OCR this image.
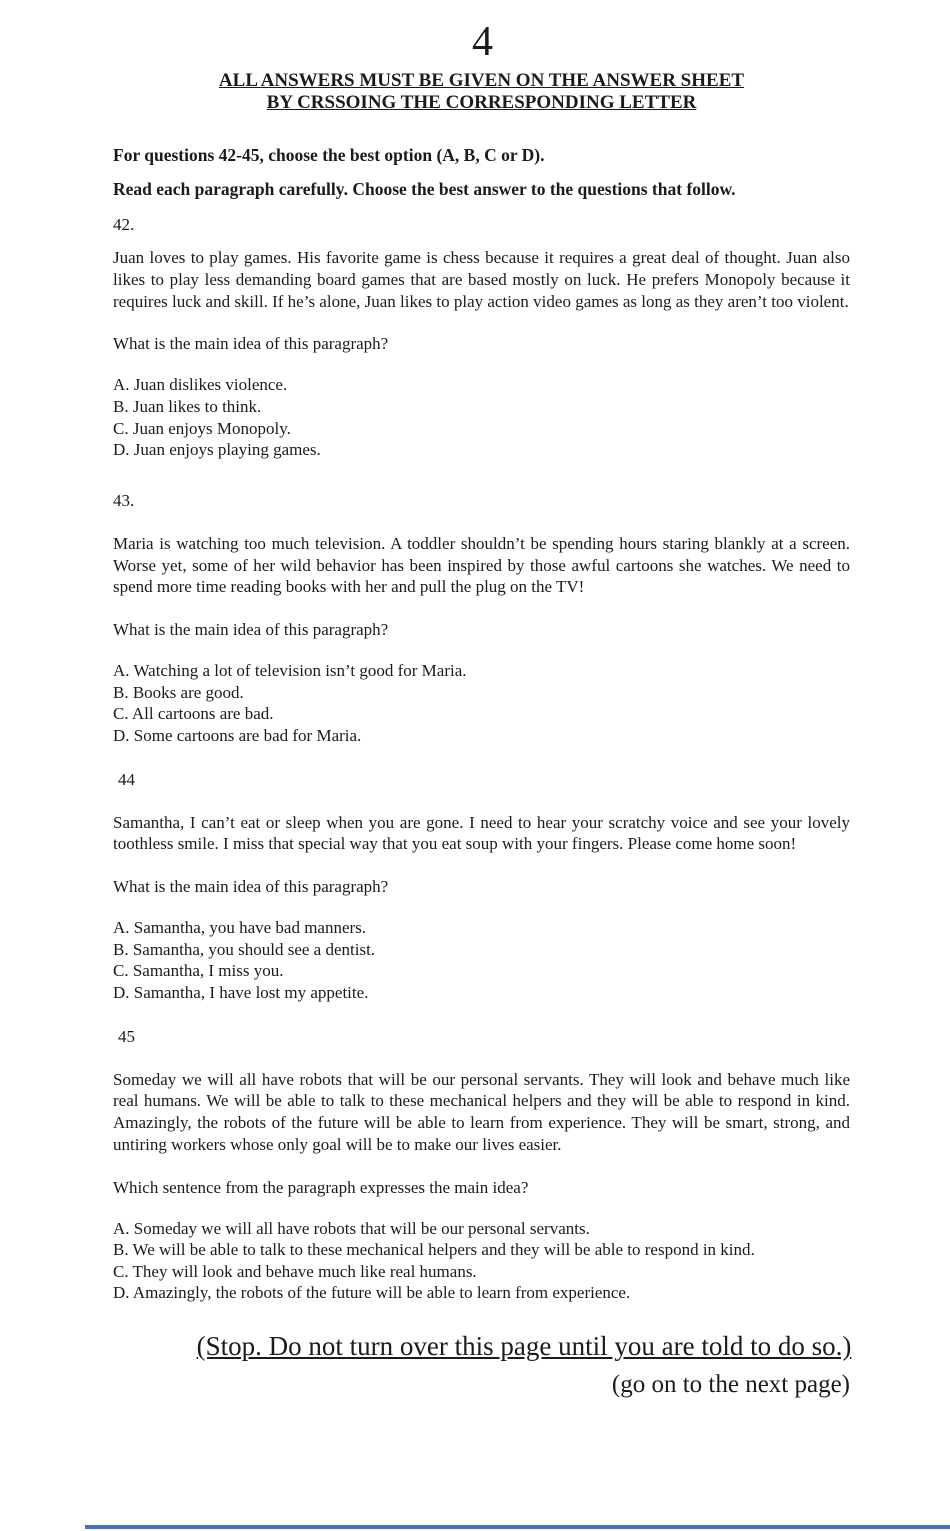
4
ALL ANSWERS MUST BE GIVEN ON THE ANSWER SHEET
BY CRSSOING THE CORRESPONDING LETTER
For questions 42-45, choose the best option (A, B, C or D).
Read each paragraph carefully. Choose the best answer to the questions that follow.
42.
Juan loves to play games. His favorite game is chess because it requires a great deal of thought. Juan also likes to play less demanding board games that are based mostly on luck. He prefers Monopoly because it requires luck and skill. If he’s alone, Juan likes to play action video games as long as they aren’t too violent.
What is the main idea of this paragraph?
A. Juan dislikes violence.
B. Juan likes to think.
C. Juan enjoys Monopoly.
D. Juan enjoys playing games.
43.
Maria is watching too much television. A toddler shouldn’t be spending hours staring blankly at a screen. Worse yet, some of her wild behavior has been inspired by those awful cartoons she watches. We need to spend more time reading books with her and pull the plug on the TV!
What is the main idea of this paragraph?
A. Watching a lot of television isn’t good for Maria.
B. Books are good.
C. All cartoons are bad.
D. Some cartoons are bad for Maria.
44
Samantha, I can’t eat or sleep when you are gone. I need to hear your scratchy voice and see your lovely toothless smile. I miss that special way that you eat soup with your fingers. Please come home soon!
What is the main idea of this paragraph?
A. Samantha, you have bad manners.
B. Samantha, you should see a dentist.
C. Samantha, I miss you.
D. Samantha, I have lost my appetite.
45
Someday we will all have robots that will be our personal servants. They will look and behave much like real humans. We will be able to talk to these mechanical helpers and they will be able to respond in kind. Amazingly, the robots of the future will be able to learn from experience. They will be smart, strong, and untiring workers whose only goal will be to make our lives easier.
Which sentence from the paragraph expresses the main idea?
A. Someday we will all have robots that will be our personal servants.
B. We will be able to talk to these mechanical helpers and they will be able to respond in kind.
C. They will look and behave much like real humans.
D. Amazingly, the robots of the future will be able to learn from experience.
(Stop. Do not turn over this page until you are told to do so.)
(go on to the next page)
